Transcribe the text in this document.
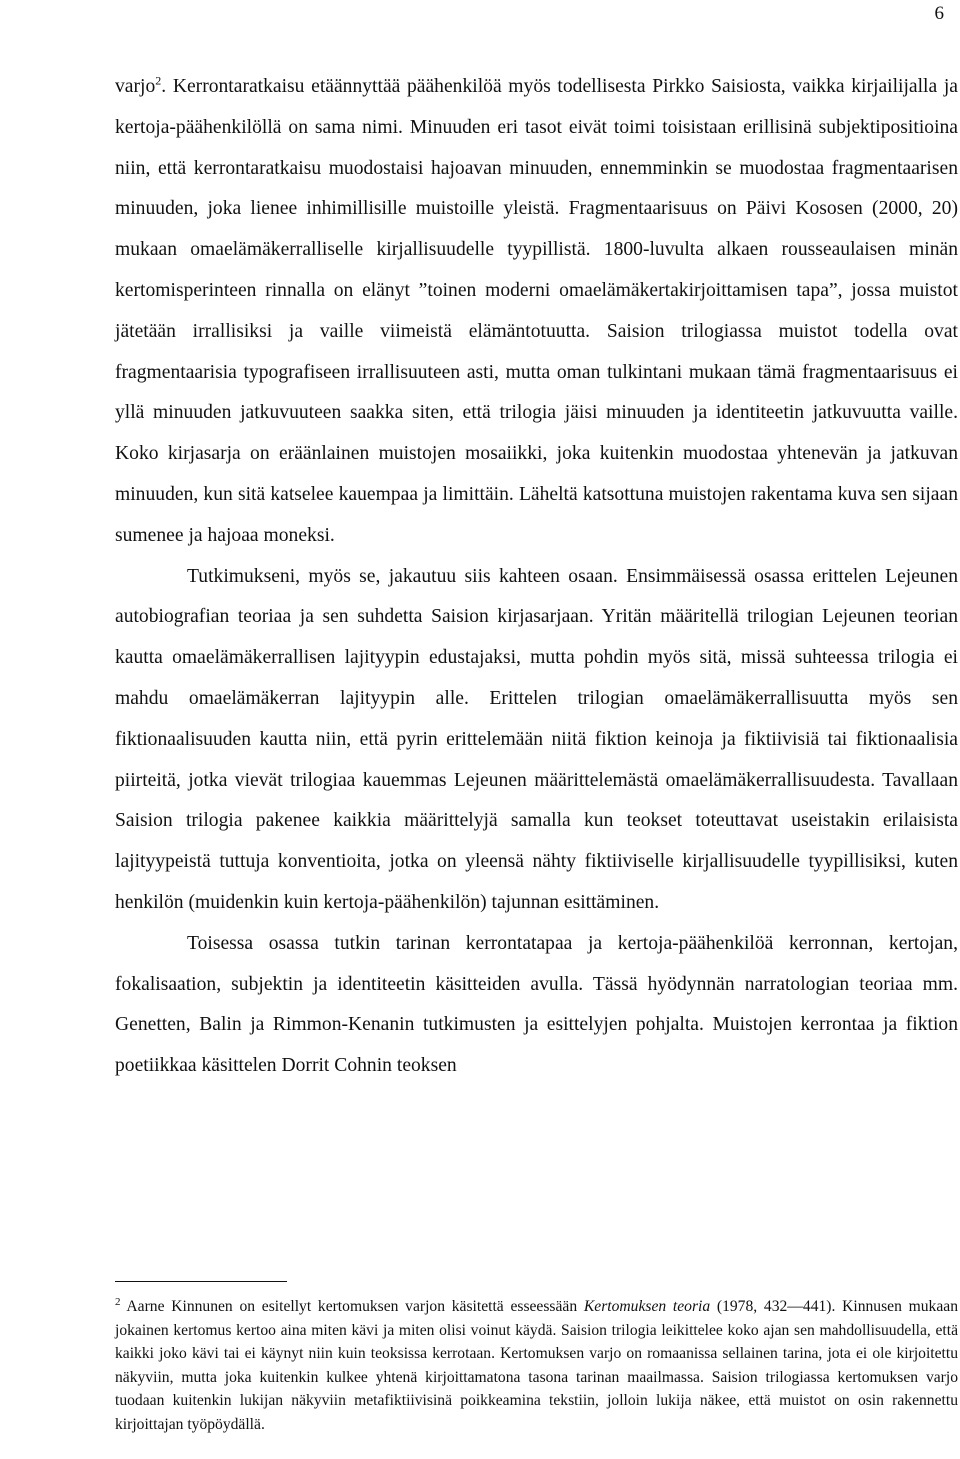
6

varjo$^2$. Kerrontaratkaisu etäännyttää päähenkilöä myös todellisesta Pirkko Saisiosta, vaikka kirjailijalla ja kertoja-päähenkilöllä on sama nimi. Minuuden eri tasot eivät toimi toisistaan erillisinä subjektipositioina niin, että kerrontaratkaisu muodostaisi hajoavan minuuden, ennemminkin se muodostaa fragmentaarisen minuuden, joka lienee inhimillisille muistoille yleistä. Fragmentaarisuus on Päivi Kososen (2000, 20) mukaan omaelämäkerralliselle kirjallisuudelle tyypillistä. 1800-luvulta alkaen rousseaulaisen minän kertomisperinteen rinnalla on elänyt ”toinen moderni omaelämäkertakirjoittamisen tapa”, jossa muistot jätetään irrallisiksi ja vaille viimeistä elämäntotuutta. Saision trilogiassa muistot todella ovat fragmentaarisia typografiseen irrallisuuteen asti, mutta oman tulkintani mukaan tämä fragmentaarisuus ei yllä minuuden jatkuvuuteen saakka siten, että trilogia jäisi minuuden ja identiteetin jatkuvuutta vaille. Koko kirjasarja on eräänlainen muistojen mosaiikki, joka kuitenkin muodostaa yhtenevän ja jatkuvan minuuden, kun sitä katselee kauempaa ja limittäin. Läheltä katsottuna muistojen rakentama kuva sen sijaan sumenee ja hajoaa moneksi.

Tutkimukseni, myös se, jakautuu siis kahteen osaan. Ensimmäisessä osassa erittelen Lejeunen autobiografian teoriaa ja sen suhdetta Saision kirjasarjaan. Yritän määritellä trilogian Lejeunen teorian kautta omaelämäkerrallisen lajityypin edustajaksi, mutta pohdin myös sitä, missä suhteessa trilogia ei mahdu omaelämäkerran lajityypin alle. Erittelen trilogian omaelämäkerrallisuutta myös sen fiktionaalisuuden kautta niin, että pyrin erittelemään niitä fiktion keinoja ja fiktiivisiä tai fiktionaalisia piirteitä, jotka vievät trilogiaa kauemmas Lejeunen määrittelemästä omaelämäkerrallisuudesta. Tavallaan Saision trilogia pakenee kaikkia määrittelyjä samalla kun teokset toteuttavat useistakin erilaisista lajityypeistä tuttuja konventioita, jotka on yleensä nähty fiktiiviselle kirjallisuudelle tyypillisiksi, kuten henkilön (muidenkin kuin kertoja-päähenkilön) tajunnan esittäminen.

Toisessa osassa tutkin tarinan kerrontatapaa ja kertoja-päähenkilöä kerronnan, kertojan, fokalisaation, subjektin ja identiteetin käsitteiden avulla. Tässä hyödynnän narratologian teoriaa mm. Genetten, Balin ja Rimmon-Kenanin tutkimusten ja esittelyjen pohjalta. Muistojen kerrontaa ja fiktion poetiikkaa käsittelen Dorrit Cohnin teoksen

$^2$ Aarne Kinnunen on esitellyt kertomuksen varjon käsitettä esseessään Kertomuksen teoria (1978, 432—441). Kinnusen mukaan jokainen kertomus kertoo aina miten kävi ja miten olisi voinut käydä. Saision trilogia leikittelee koko ajan sen mahdollisuudella, että kaikki joko kävi tai ei käynyt niin kuin teoksissa kerrotaan. Kertomuksen varjo on romaanissa sellainen tarina, jota ei ole kirjoitettu näkyviin, mutta joka kuitenkin kulkee yhtenä kirjoittamatona tasona tarinan maailmassa. Saision trilogiassa kertomuksen varjo tuodaan kuitenkin lukijan näkyviin metafiktiivisinä poikkeamina tekstiin, jolloin lukija näkee, että muistot on osin rakennettu kirjoittajan työpöydällä.
